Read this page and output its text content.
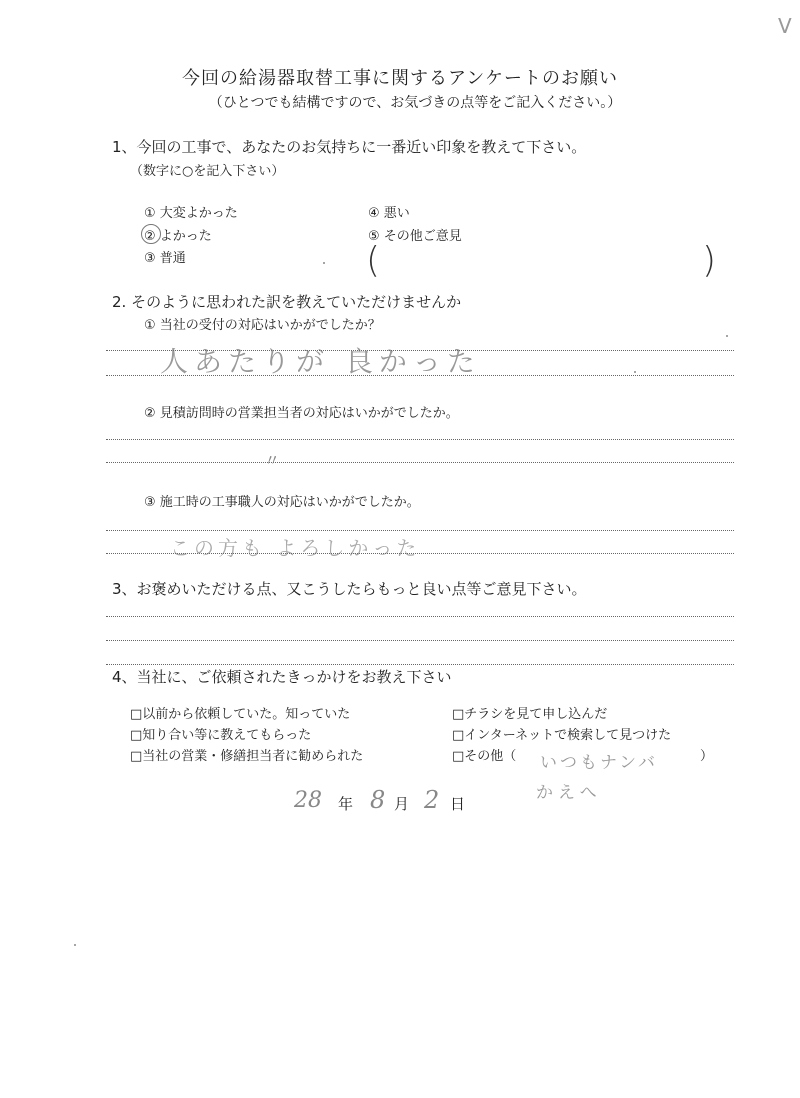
V
今回の給湯器取替工事に関するアンケートのお願い
（ひとつでも結構ですので、お気づきの点等をご記入ください。）
1、今回の工事で、あなたのお気持ちに一番近い印象を教えて下さい。
（数字に○を記入下さい）
① 大変よかった
② よかった
③ 普通
④ 悪い
⑤ その他ご意見
(	)
2. そのように思われた訳を教えていただけませんか
① 当社の受付の対応はいかがでしたか？
人あたりが 良かった
② 見積訪問時の営業担当者の対応はいかがでしたか。
〃
③ 施工時の工事職人の対応はいかがでしたか。
この方も よろしかった
3、お褒めいただける点、又こうしたらもっと良い点等ご意見下さい。
4、当社に、ご依頼されたきっかけをお教え下さい
□以前から依頼していた。知っていた
□知り合い等に教えてもらった
□当社の営業・修繕担当者に勧められた
□チラシを見て申し込んだ
□インターネットで検索して見つけた
□その他（	）
いつもナンバ
かえへ
28 年 8 月 2 日
